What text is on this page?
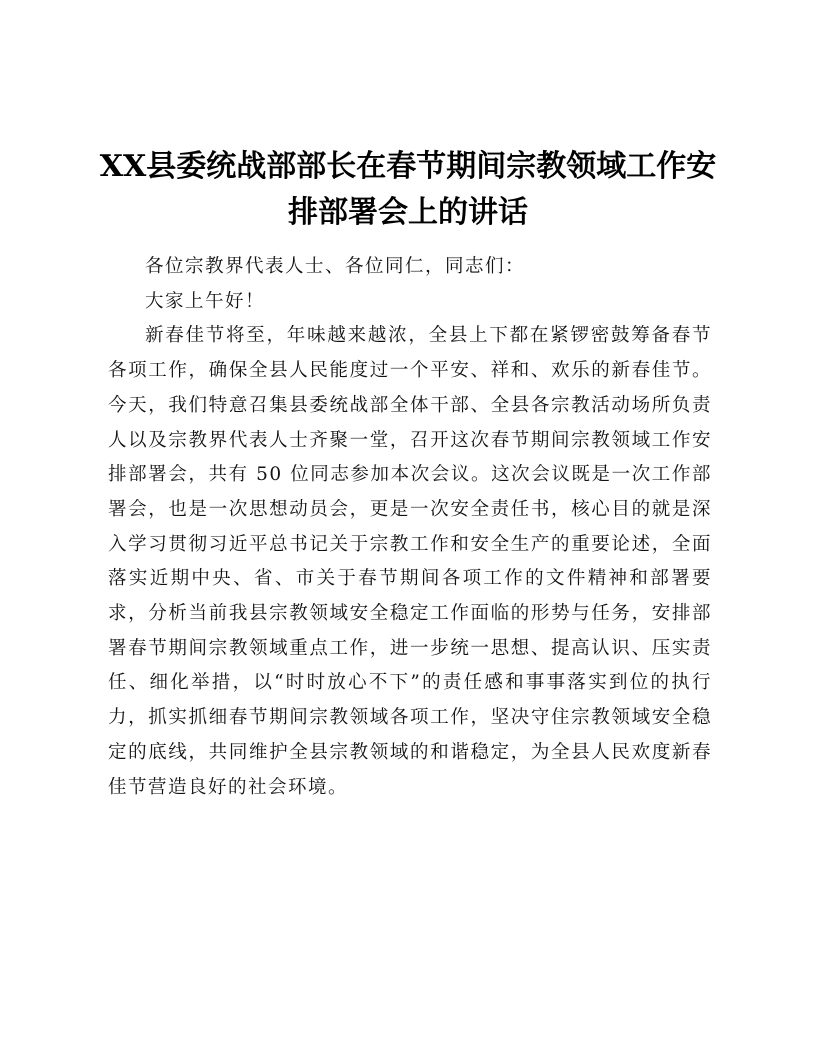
XX县委统战部部长在春节期间宗教领域工作安排部署会上的讲话

各位宗教界代表人士、各位同仁，同志们：

大家上午好！

新春佳节将至，年味越来越浓，全县上下都在紧锣密鼓筹备春节各项工作，确保全县人民能度过一个平安、祥和、欢乐的新春佳节。今天，我们特意召集县委统战部全体干部、全县各宗教活动场所负责人以及宗教界代表人士齐聚一堂，召开这次春节期间宗教领域工作安排部署会，共有 50 位同志参加本次会议。这次会议既是一次工作部署会，也是一次思想动员会，更是一次安全责任书，核心目的就是深入学习贯彻习近平总书记关于宗教工作和安全生产的重要论述，全面落实近期中央、省、市关于春节期间各项工作的文件精神和部署要求，分析当前我县宗教领域安全稳定工作面临的形势与任务，安排部署春节期间宗教领域重点工作，进一步统一思想、提高认识、压实责任、细化举措，以“时时放心不下”的责任感和事事落实到位的执行力，抓实抓细春节期间宗教领域各项工作，坚决守住宗教领域安全稳定的底线，共同维护全县宗教领域的和谐稳定，为全县人民欢度新春佳节营造良好的社会环境。
